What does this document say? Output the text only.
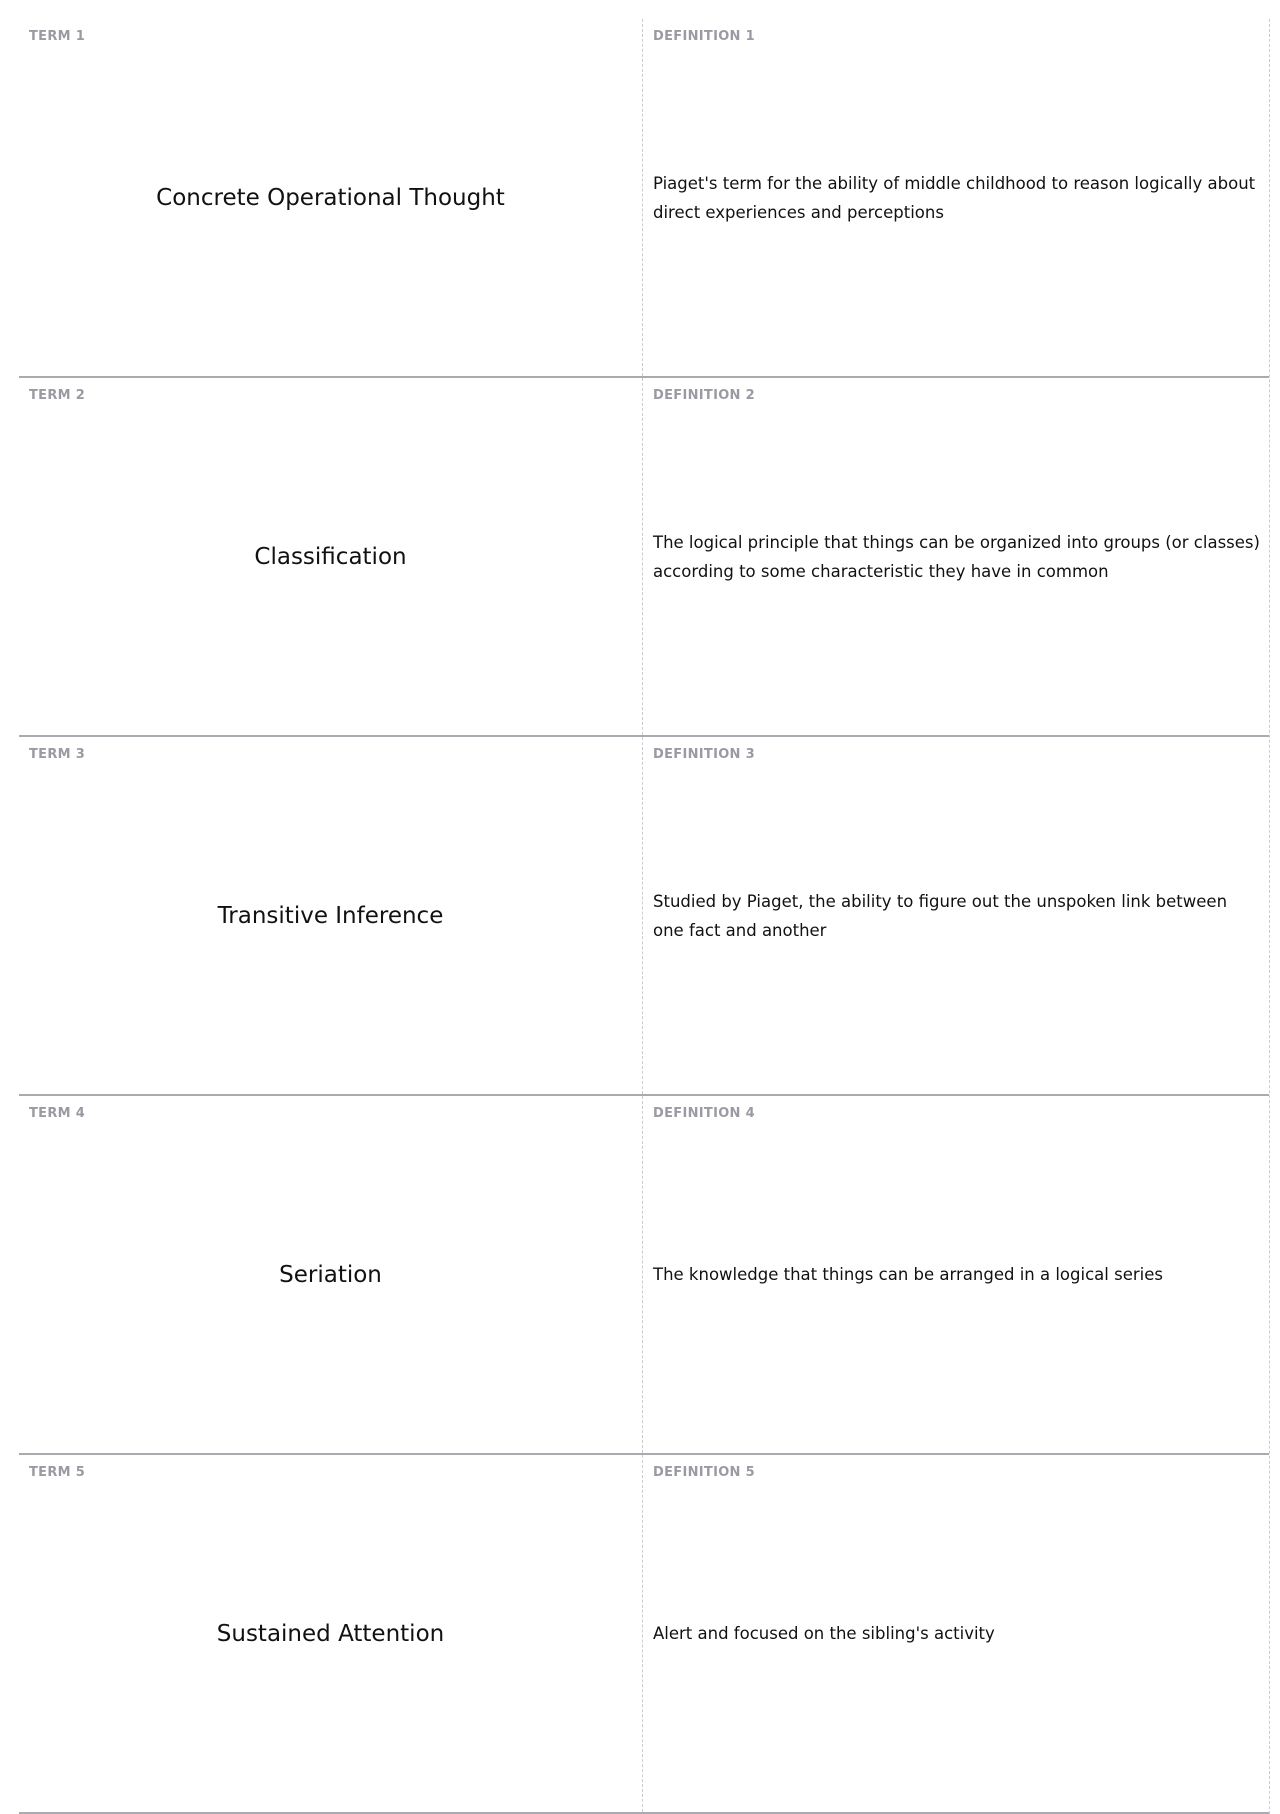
TERM 1
Concrete Operational Thought
DEFINITION 1
Piaget's term for the ability of middle childhood to reason logically about direct experiences and perceptions
TERM 2
Classification
DEFINITION 2
The logical principle that things can be organized into groups (or classes) according to some characteristic they have in common
TERM 3
Transitive Inference
DEFINITION 3
Studied by Piaget, the ability to figure out the unspoken link between one fact and another
TERM 4
Seriation
DEFINITION 4
The knowledge that things can be arranged in a logical series
TERM 5
Sustained Attention
DEFINITION 5
Alert and focused on the sibling's activity
